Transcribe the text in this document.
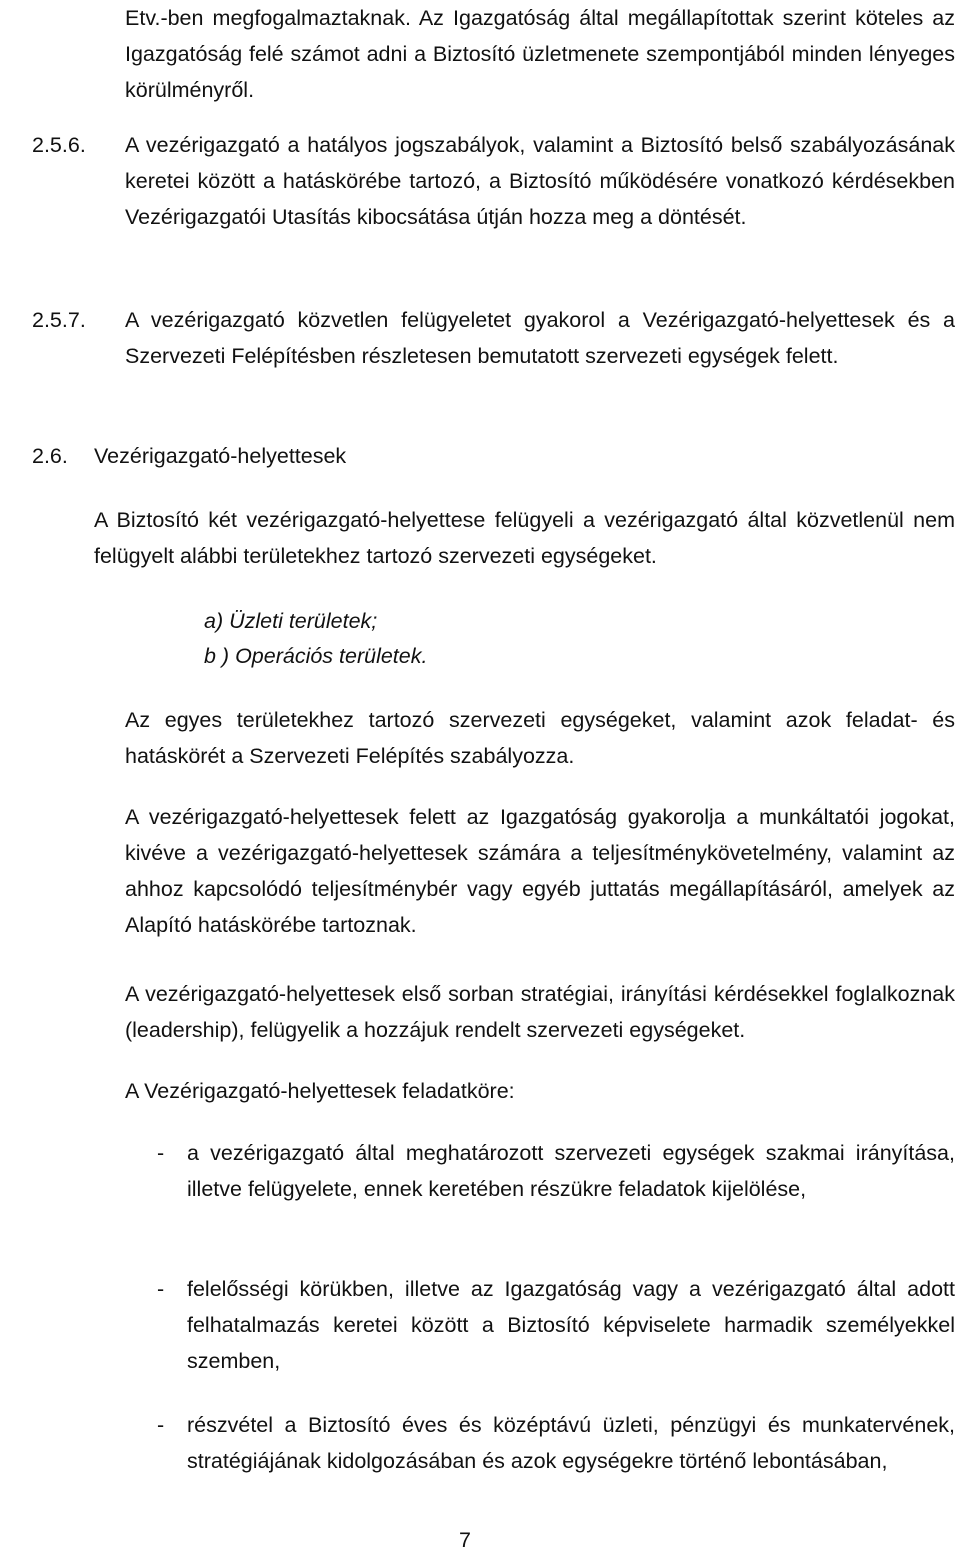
Etv.-ben megfogalmaztaknak. Az Igazgatóság által megállapítottak szerint köteles az Igazgatóság felé számot adni a Biztosító üzletmenete szempontjából minden lényeges körülményről.

2.5.6. A vezérigazgató a hatályos jogszabályok, valamint a Biztosító belső szabályozásának keretei között a hatáskörébe tartozó, a Biztosító működésére vonatkozó kérdésekben Vezérigazgatói Utasítás kibocsátása útján hozza meg a döntését.

2.5.7. A vezérigazgató közvetlen felügyeletet gyakorol a Vezérigazgató-helyettesek és a Szervezeti Felépítésben részletesen bemutatott szervezeti egységek felett.

2.6. Vezérigazgató-helyettesek

A Biztosító két vezérigazgató-helyettese felügyeli a vezérigazgató által közvetlenül nem felügyelt alábbi területekhez tartozó szervezeti egységeket.

a) Üzleti területek;

b ) Operációs területek.

Az egyes területekhez tartozó szervezeti egységeket, valamint azok feladat- és hatáskörét a Szervezeti Felépítés szabályozza.

A vezérigazgató-helyettesek felett az Igazgatóság gyakorolja a munkáltatói jogokat, kivéve a vezérigazgató-helyettesek számára a teljesítménykövetelmény, valamint az ahhoz kapcsolódó teljesítménybér vagy egyéb juttatás megállapításáról, amelyek az Alapító hatáskörébe tartoznak.

A vezérigazgató-helyettesek első sorban stratégiai, irányítási kérdésekkel foglalkoznak (leadership), felügyelik a hozzájuk rendelt szervezeti egységeket.

A Vezérigazgató-helyettesek feladatköre:

- a vezérigazgató által meghatározott szervezeti egységek szakmai irányítása, illetve felügyelete, ennek keretében részükre feladatok kijelölése,

- felelősségi körükben, illetve az Igazgatóság vagy a vezérigazgató által adott felhatalmazás keretei között a Biztosító képviselete harmadik személyekkel szemben,

- részvétel a Biztosító éves és középtávú üzleti, pénzügyi és munkatervének, stratégiájának kidolgozásában és azok egységekre történő lebontásában,

7
